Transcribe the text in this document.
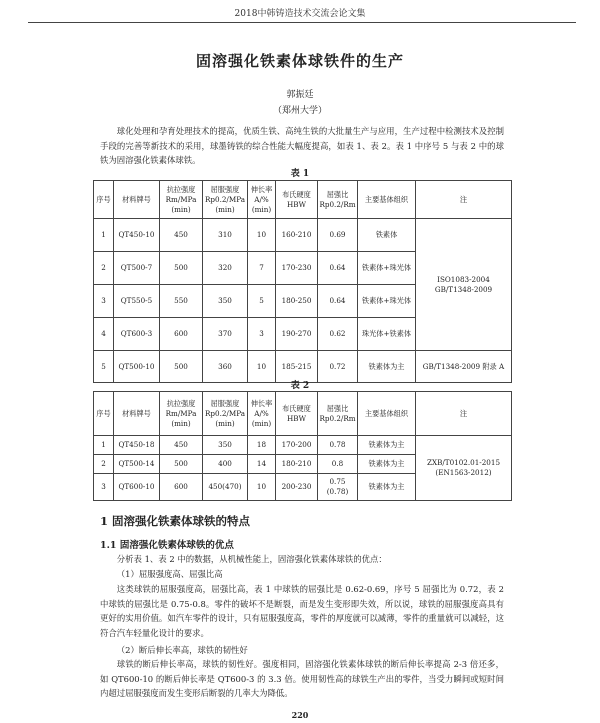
2018中韩铸造技术交流会论文集
固溶强化铁素体球铁件的生产
郭振廷
（郑州大学）
球化处理和孕育处理技术的提高，优质生铁、高纯生铁的大批量生产与应用，生产过程中检测技术及控制手段的完善等新技术的采用，球墨铸铁的综合性能大幅度提高，如表 1、表 2。表 1 中序号 5 与表 2 中的球铁为固溶强化铁素体球铁。
表 1
序号	材料牌号	抗拉强度 Rm/MPa (min)	屈服强度 Rp0.2/MPa (min)	伸长率 A/% (min)	布氏硬度 HBW	屈强比 Rp0.2/Rm	主要基体组织	注
1	QT450-10	450	310	10	160-210	0.69	铁素体	ISO1083-2004 GB/T1348-2009
2	QT500-7	500	320	7	170-230	0.64	铁素体+珠光体	
3	QT550-5	550	350	5	180-250	0.64	铁素体+珠光体	
4	QT600-3	600	370	3	190-270	0.62	珠光体+铁素体	
5	QT500-10	500	360	10	185-215	0.72	铁素体为主	GB/T1348-2009 附录 A
表 2
序号	材料牌号	抗拉强度 Rm/MPa (min)	屈服强度 Rp0.2/MPa (min)	伸长率 A/% (min)	布氏硬度 HBW	屈强比 Rp0.2/Rm	主要基体组织	注
1	QT450-18	450	350	18	170-200	0.78	铁素体为主	ZXB/T0102.01-2015 (EN1563-2012)
2	QT500-14	500	400	14	180-210	0.8	铁素体为主	
3	QT600-10	600	450(470)	10	200-230	0.75 (0.78)	铁素体为主	
1 固溶强化铁素体球铁的特点
1.1 固溶强化铁素体球铁的优点
分析表 1、表 2 中的数据，从机械性能上，固溶强化铁素体球铁的优点：
（1）屈服强度高、屈强比高
这类球铁的屈服强度高，屈强比高，表 1 中球铁的屈强比是 0.62-0.69，序号 5 屈强比为 0.72，表 2 中球铁的屈强比是 0.75-0.8。零件的破坏不是断裂，而是发生变形即失效，所以说，球铁的屈服强度高具有更好的实用价值。如汽车零件的设计，只有屈服强度高，零件的厚度就可以减薄，零件的重量就可以减轻，这符合汽车轻量化设计的要求。
（2）断后伸长率高，球铁的韧性好
球铁的断后伸长率高，球铁的韧性好。强度相同，固溶强化铁素体球铁的断后伸长率提高 2-3 倍还多，如 QT600-10 的断后伸长率是 QT600-3 的 3.3 倍。使用韧性高的球铁生产出的零件，当受力瞬间或短时间内超过屈服强度而发生变形后断裂的几率大为降低。
220
